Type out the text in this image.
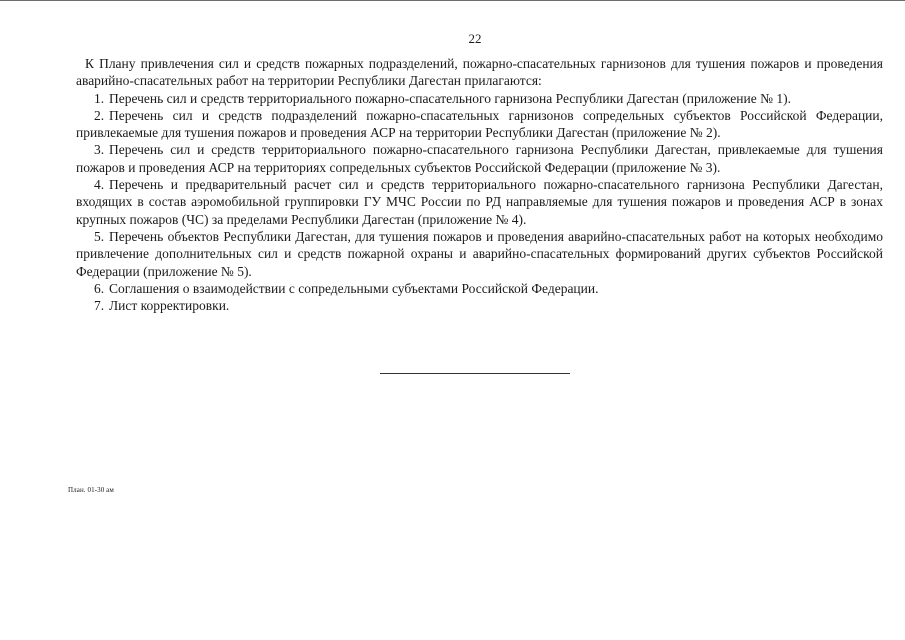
22

К Плану привлечения сил и средств пожарных подразделений, пожарно-спасательных гарнизонов для тушения пожаров и проведения аварийно-спасательных работ на территории Республики Дагестан прилагаются:

1. Перечень сил и средств территориального пожарно-спасательного гарнизона Республики Дагестан (приложение № 1).

2. Перечень сил и средств подразделений пожарно-спасательных гарнизонов сопредельных субъектов Российской Федерации, привлекаемые для тушения пожаров и проведения АСР на территории Республики Дагестан (приложение № 2).

3. Перечень сил и средств территориального пожарно-спасательного гарнизона Республики Дагестан, привлекаемые для тушения пожаров и проведения АСР на территориях сопредельных субъектов Российской Федерации (приложение № 3).

4. Перечень и предварительный расчет сил и средств территориального пожарно-спасательного гарнизона Республики Дагестан, входящих в состав аэромобильной группировки ГУ МЧС России по РД направляемые для тушения пожаров и проведения АСР в зонах крупных пожаров (ЧС) за пределами Республики Дагестан (приложение № 4).

5. Перечень объектов Республики Дагестан, для тушения пожаров и проведения аварийно-спасательных работ на которых необходимо привлечение дополнительных сил и средств пожарной охраны и аварийно-спасательных формирований других субъектов Российской Федерации (приложение № 5).

6. Соглашения о взаимодействии с сопредельными субъектами Российской Федерации.

7. Лист корректировки.

План. 01-30 ам
